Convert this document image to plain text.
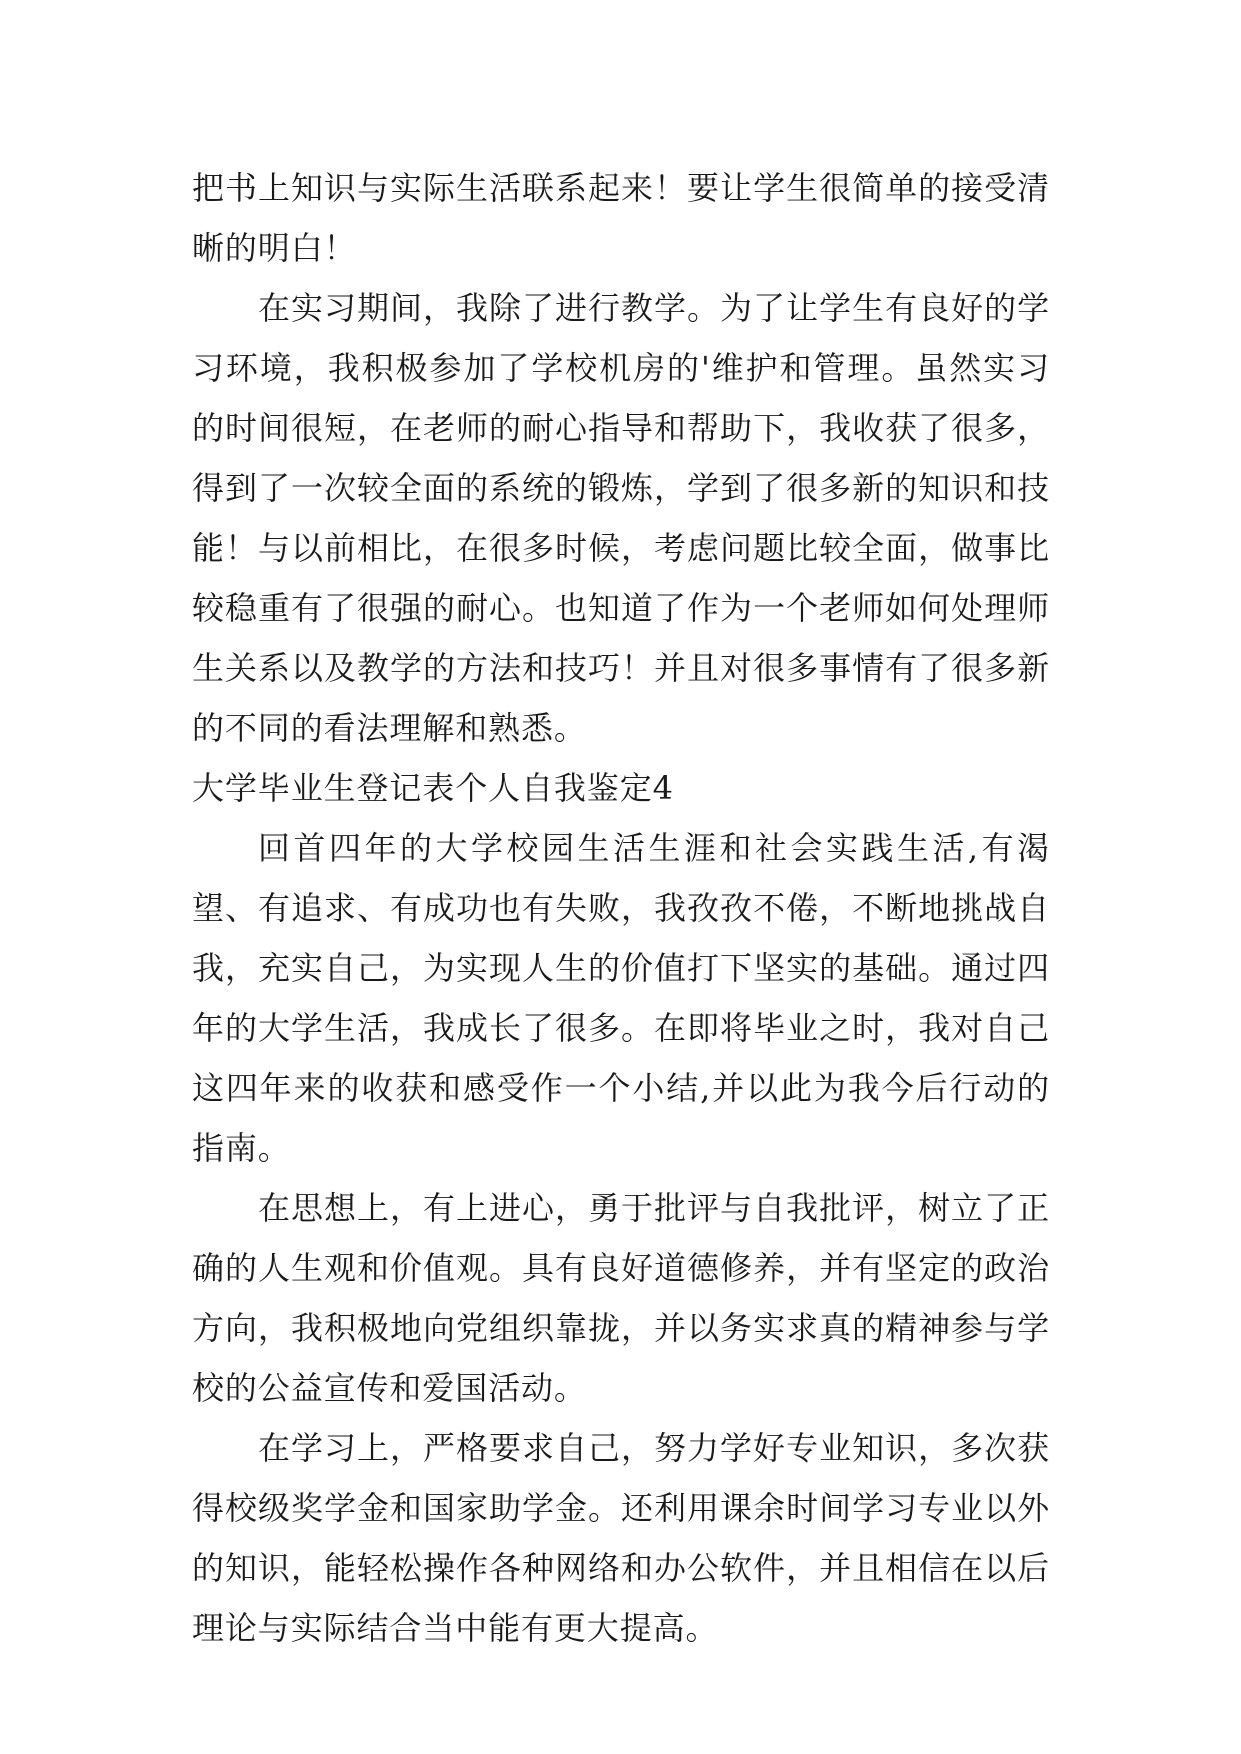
把书上知识与实际生活联系起来！要让学生很简单的接受清晰的明白！

在实习期间，我除了进行教学。为了让学生有良好的学习环境，我积极参加了学校机房的'维护和管理。虽然实习的时间很短，在老师的耐心指导和帮助下，我收获了很多，得到了一次较全面的系统的锻炼，学到了很多新的知识和技能！与以前相比，在很多时候，考虑问题比较全面，做事比较稳重有了很强的耐心。也知道了作为一个老师如何处理师生关系以及教学的方法和技巧！并且对很多事情有了很多新的不同的看法理解和熟悉。

大学毕业生登记表个人自我鉴定4

回首四年的大学校园生活生涯和社会实践生活,有渴望、有追求、有成功也有失败，我孜孜不倦，不断地挑战自我，充实自己，为实现人生的价值打下坚实的基础。通过四年的大学生活，我成长了很多。在即将毕业之时，我对自己这四年来的收获和感受作一个小结,并以此为我今后行动的指南。

在思想上，有上进心，勇于批评与自我批评，树立了正确的人生观和价值观。具有良好道德修养，并有坚定的政治方向，我积极地向党组织靠拢，并以务实求真的精神参与学校的公益宣传和爱国活动。

在学习上，严格要求自己，努力学好专业知识，多次获得校级奖学金和国家助学金。还利用课余时间学习专业以外的知识，能轻松操作各种网络和办公软件，并且相信在以后理论与实际结合当中能有更大提高。
